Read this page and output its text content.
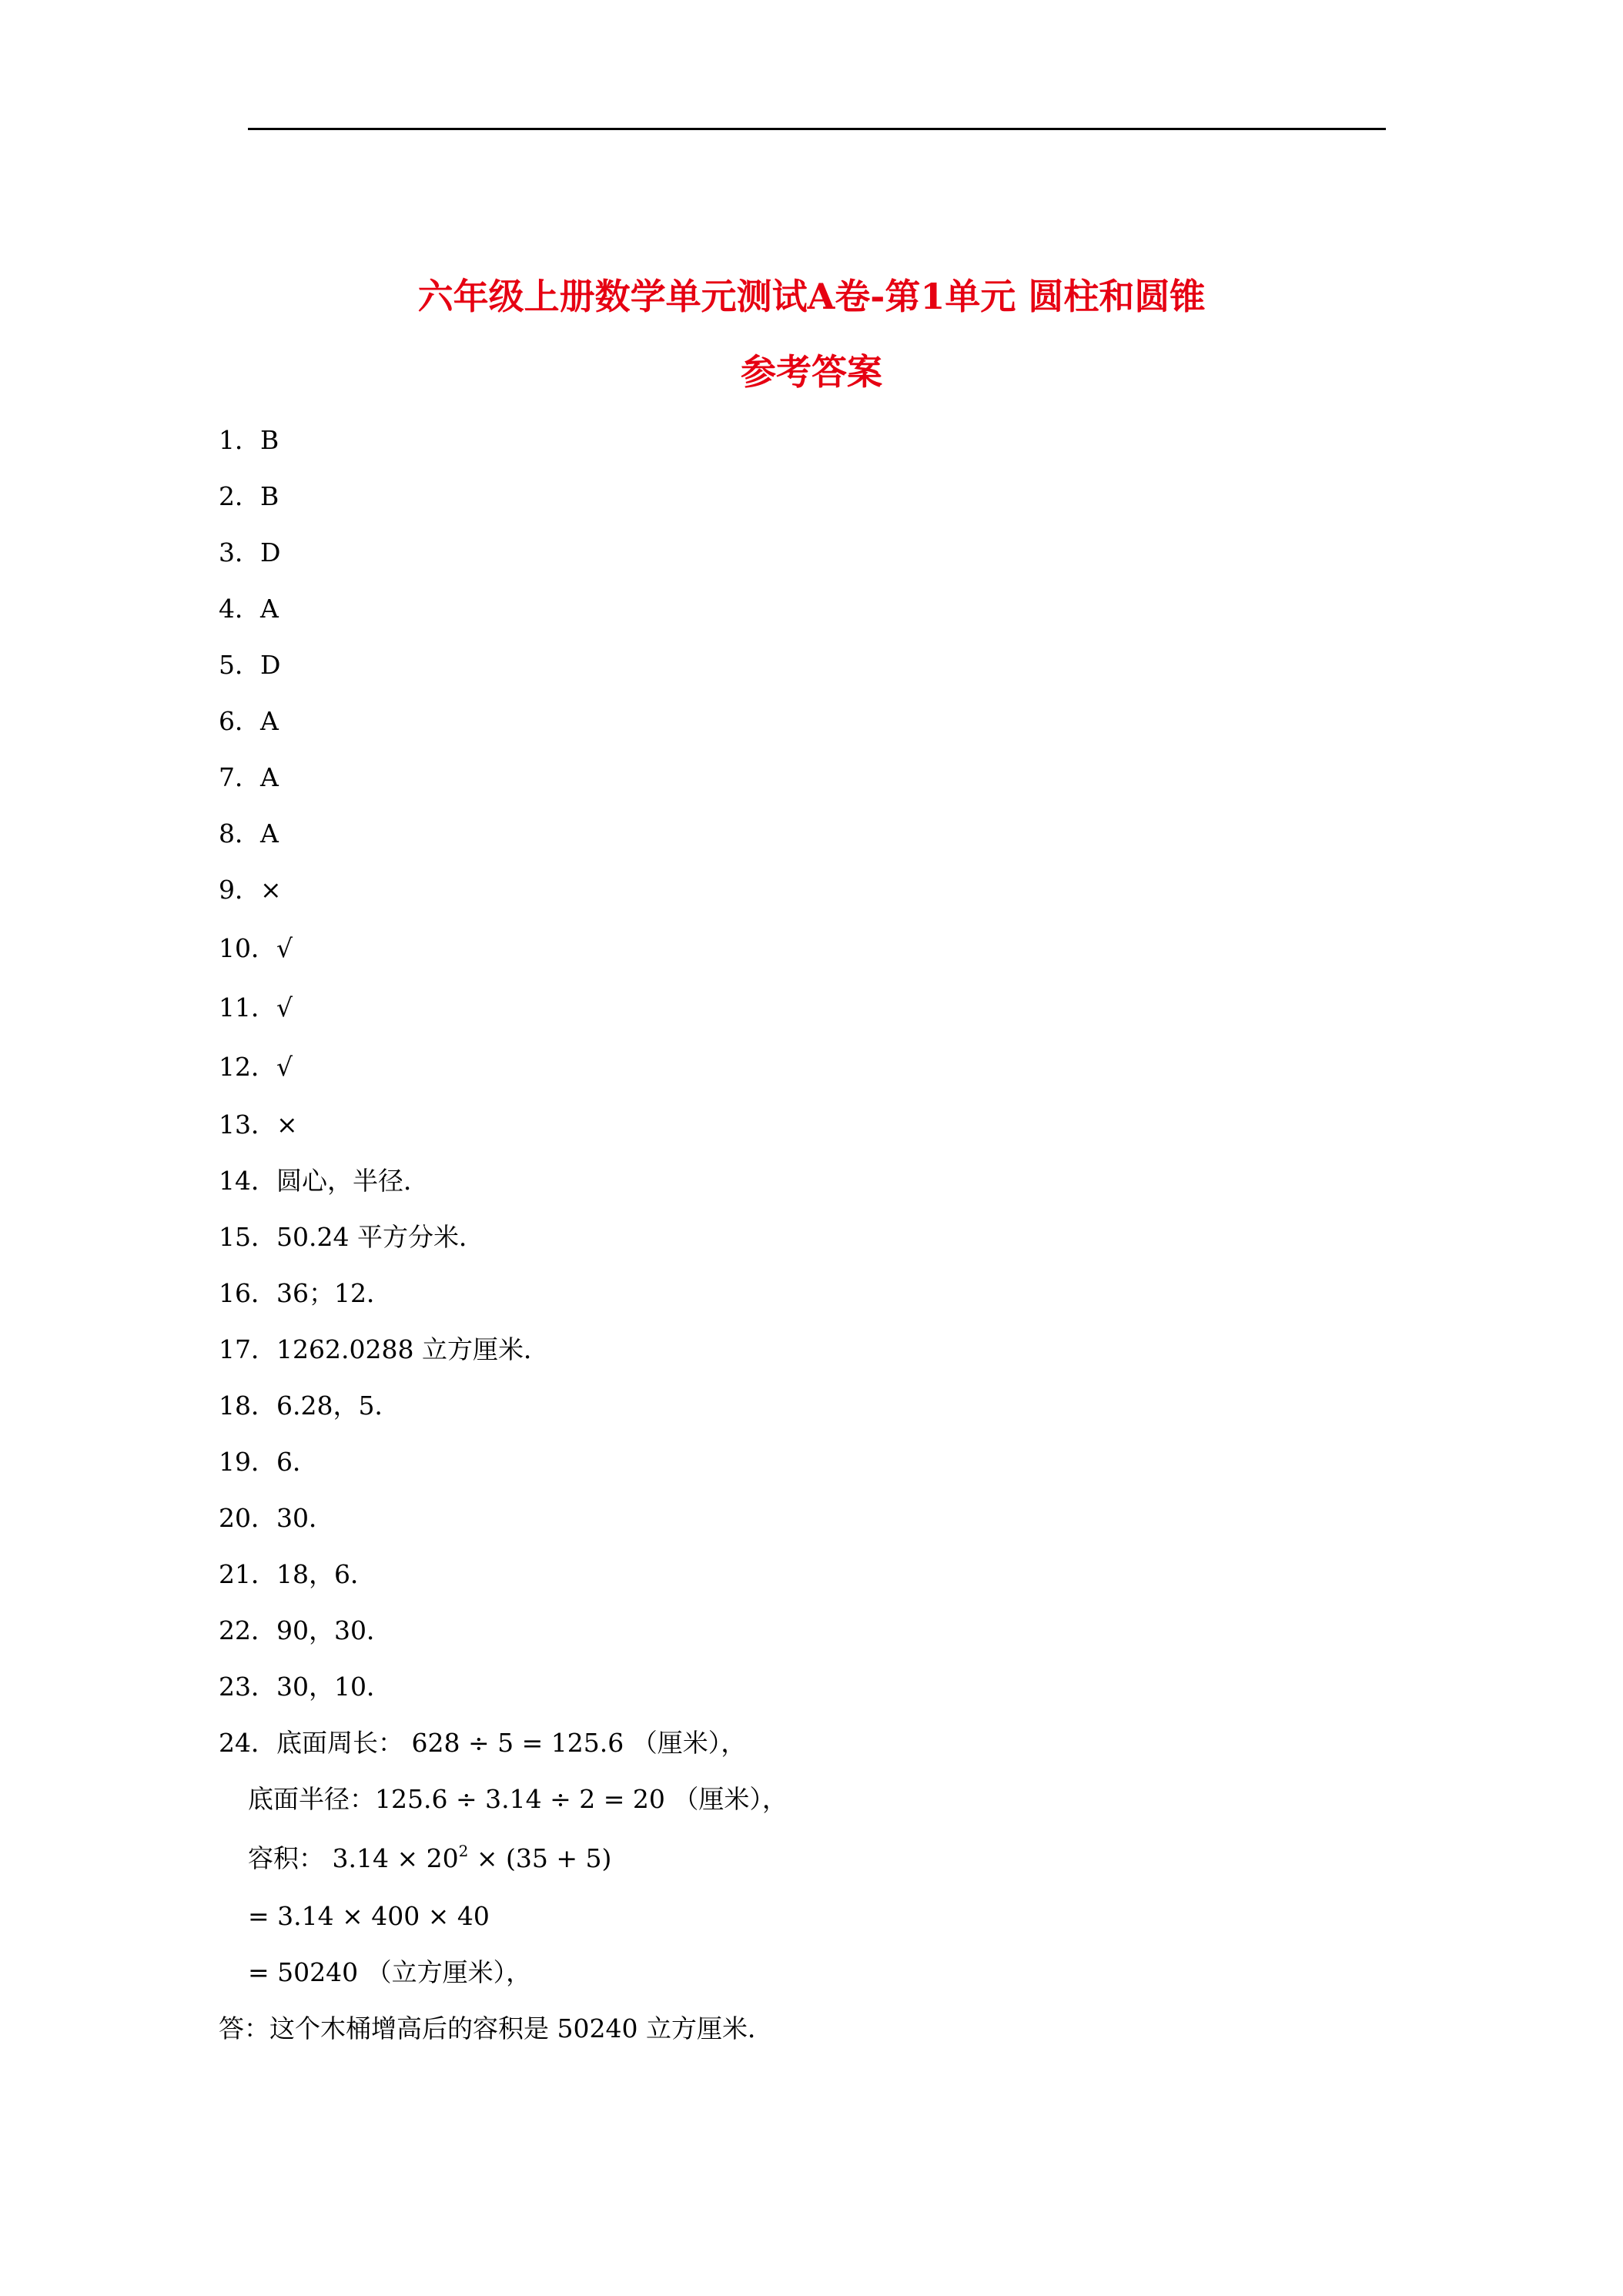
六年级上册数学单元测试A卷-第1单元 圆柱和圆锥
参考答案
1．B
2．B
3．D
4．A
5．D
6．A
7．A
8．A
9．×
10．√
11．√
12．√
13．×
14．圆心，半径．
15．50.24 平方分米．
16．36；12．
17．1262.0288 立方厘米．
18．6.28，5．
19．6．
20．30．
21．18，6．
22．90，30．
23．30，10．
24．底面周长： 628 ÷ 5 = 125.6 （厘米），
底面半径：125.6 ÷ 3.14 ÷ 2 = 20 （厘米），
容积： $3.14 \times 20^2 \times (35 + 5)$
= 3.14 × 400 × 40
= 50240 （立方厘米），
答：这个木桶增高后的容积是 50240 立方厘米．
